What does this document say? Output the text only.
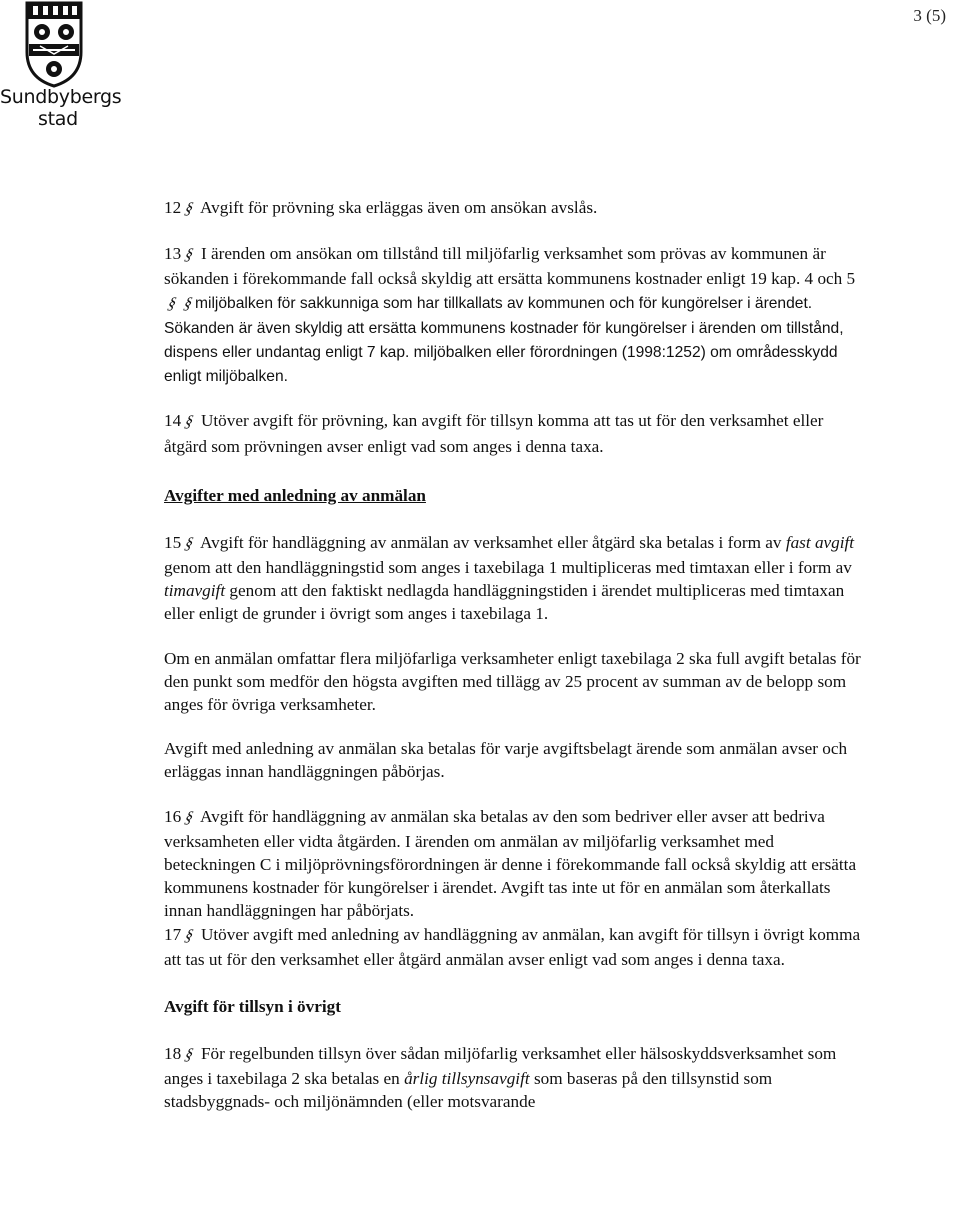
Sundbybergs
stad
3 (5)

12§ Avgift för prövning ska erläggas även om ansökan avslås.

13§ I ärenden om ansökan om tillstånd till miljöfarlig verksamhet som prövas av kommunen är sökanden i förekommande fall också skyldig att ersätta kommunens kostnader enligt 19 kap. 4 och 5§§miljöbalken för sakkunniga som har tillkallats av kommunen och för kungörelser i ärendet. Sökanden är även skyldig att ersätta kommunens kostnader för kungörelser i ärenden om tillstånd, dispens eller undantag enligt 7 kap. miljöbalken eller förordningen (1998:1252) om områdesskydd enligt miljöbalken.

14§ Utöver avgift för prövning, kan avgift för tillsyn komma att tas ut för den verksamhet eller åtgärd som prövningen avser enligt vad som anges i denna taxa.

Avgifter med anledning av anmälan

15§ Avgift för handläggning av anmälan av verksamhet eller åtgärd ska betalas i form av fast avgift genom att den handläggningstid som anges i taxebilaga 1 multipliceras med timtaxan eller i form av timavgift genom att den faktiskt nedlagda handläggningstiden i ärendet multipliceras med timtaxan eller enligt de grunder i övrigt som anges i taxebilaga 1.

Om en anmälan omfattar flera miljöfarliga verksamheter enligt taxebilaga 2 ska full avgift betalas för den punkt som medför den högsta avgiften med tillägg av 25 procent av summan av de belopp som anges för övriga verksamheter.

Avgift med anledning av anmälan ska betalas för varje avgiftsbelagt ärende som anmälan avser och erläggas innan handläggningen påbörjas.

16§ Avgift för handläggning av anmälan ska betalas av den som bedriver eller avser att bedriva verksamheten eller vidta åtgärden. I ärenden om anmälan av miljöfarlig verksamhet med beteckningen C i miljöprövningsförordningen är denne i förekommande fall också skyldig att ersätta kommunens kostnader för kungörelser i ärendet. Avgift tas inte ut för en anmälan som återkallats innan handläggningen har påbörjats.

17§ Utöver avgift med anledning av handläggning av anmälan, kan avgift för tillsyn i övrigt komma att tas ut för den verksamhet eller åtgärd anmälan avser enligt vad som anges i denna taxa.

Avgift för tillsyn i övrigt

18§ För regelbunden tillsyn över sådan miljöfarlig verksamhet eller hälsoskyddsverksamhet som anges i taxebilaga 2 ska betalas en årlig tillsynsavgift som baseras på den tillsynstid som stadsbyggnads- och miljönämnden (eller motsvarande
